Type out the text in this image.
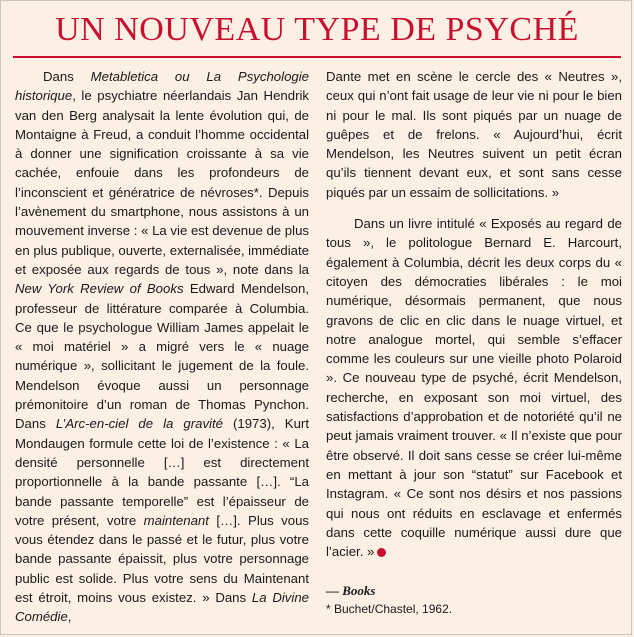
UN NOUVEAU TYPE DE PSYCHÉ

Dans Metabletica ou La Psychologie historique, le psychiatre néerlandais Jan Hendrik van den Berg analysait la lente évolution qui, de Montaigne à Freud, a conduit l’homme occidental à donner une signification croissante à sa vie cachée, enfouie dans les profondeurs de l’inconscient et génératrice de névroses*. Depuis l’avènement du smartphone, nous assistons à un mouvement inverse : « La vie est devenue de plus en plus publique, ouverte, externalisée, immédiate et exposée aux regards de tous », note dans la New York Review of Books Edward Mendelson, professeur de littérature comparée à Columbia. Ce que le psychologue William James appelait le « moi matériel » a migré vers le « nuage numérique », sollicitant le jugement de la foule. Mendelson évoque aussi un personnage prémonitoire d’un roman de Thomas Pynchon. Dans L’Arc-en-ciel de la gravité (1973), Kurt Mondaugen formule cette loi de l’existence : « La densité personnelle […] est directement proportionnelle à la bande passante […]. “La bande passante temporelle” est l’épaisseur de votre présent, votre maintenant […]. Plus vous vous étendez dans le passé et le futur, plus votre bande passante épaissit, plus votre personnage public est solide. Plus votre sens du Maintenant est étroit, moins vous existez. » Dans La Divine Comédie,

Dante met en scène le cercle des « Neutres », ceux qui n’ont fait usage de leur vie ni pour le bien ni pour le mal. Ils sont piqués par un nuage de guêpes et de frelons. « Aujourd’hui, écrit Mendelson, les Neutres suivent un petit écran qu’ils tiennent devant eux, et sont sans cesse piqués par un essaim de sollicitations. »

Dans un livre intitulé « Exposés au regard de tous », le politologue Bernard E. Harcourt, également à Columbia, décrit les deux corps du « citoyen des démocraties libérales : le moi numérique, désormais permanent, que nous gravons de clic en clic dans le nuage virtuel, et notre analogue mortel, qui semble s’effacer comme les couleurs sur une vieille photo Polaroid ». Ce nouveau type de psyché, écrit Mendelson, recherche, en exposant son moi virtuel, des satisfactions d’approbation et de notoriété qu’il ne peut jamais vraiment trouver. « Il n’existe que pour être observé. Il doit sans cesse se créer lui-même en mettant à jour son “statut” sur Facebook et Instagram. « Ce sont nos désirs et nos passions qui nous ont réduits en esclavage et enfermés dans cette coquille numérique aussi dure que l’acier. »

— Books
* Buchet/Chastel, 1962.
